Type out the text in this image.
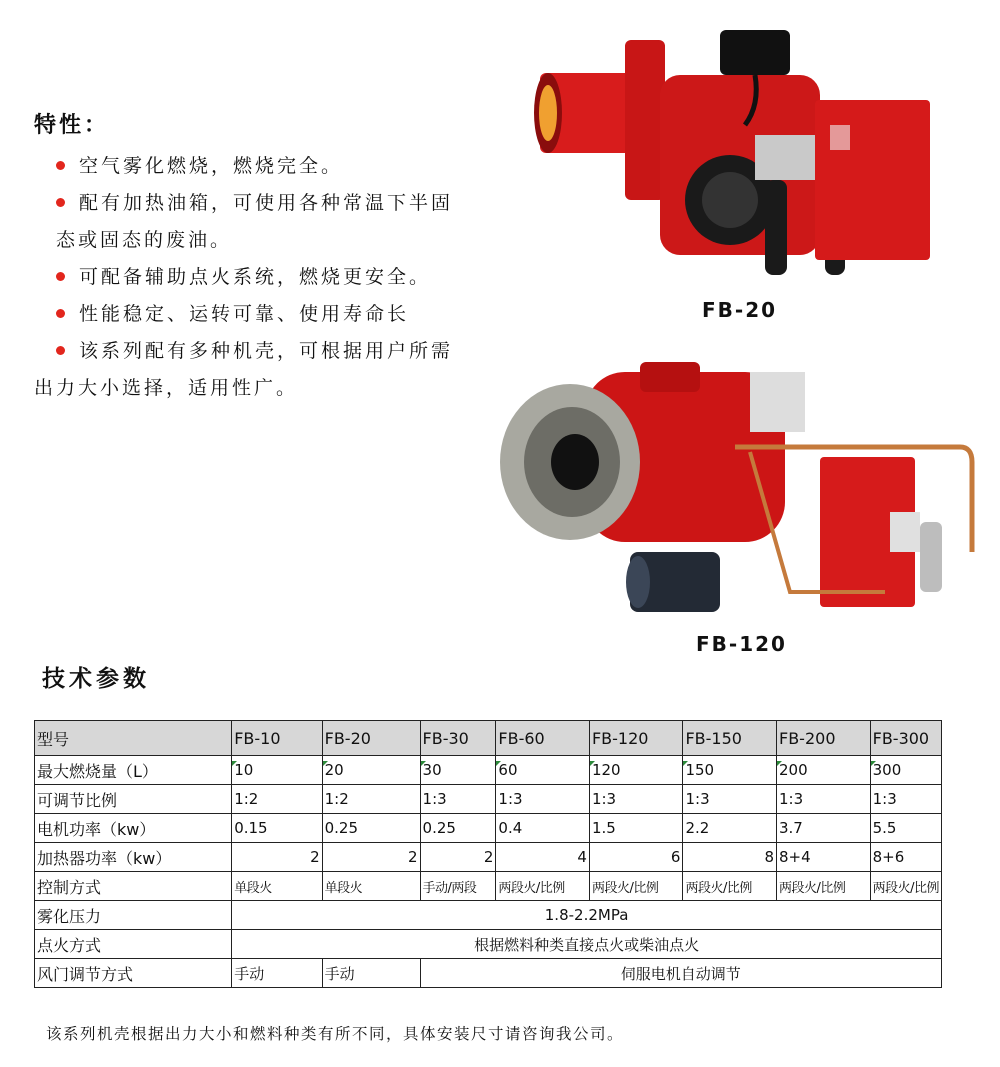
特性：
空气雾化燃烧，燃烧完全。
配有加热油箱，可使用各种常温下半固
态或固态的废油。
可配备辅助点火系统，燃烧更安全。
性能稳定、运转可靠、使用寿命长
该系列配有多种机壳，可根据用户所需
出力大小选择，适用性广。
FB-20
FB-120
技术参数
型号	FB-10	FB-20	FB-30	FB-60	FB-120	FB-150	FB-200	FB-300
最大燃烧量（L）	10	20	30	60	120	150	200	300
可调节比例	1:2	1:2	1:3	1:3	1:3	1:3	1:3	1:3
电机功率（kw）	0.15	0.25	0.25	0.4	1.5	2.2	3.7	5.5
加热器功率（kw）	2	2	2	4	6	8	8+4	8+6
控制方式	单段火	单段火	手动/两段	两段火/比例	两段火/比例	两段火/比例	两段火/比例	两段火/比例
雾化压力	1.8-2.2MPa							
点火方式	根据燃料种类直接点火或柴油点火							
风门调节方式	手动	手动	伺服电机自动调节					
该系列机壳根据出力大小和燃料种类有所不同，具体安装尺寸请咨询我公司。
